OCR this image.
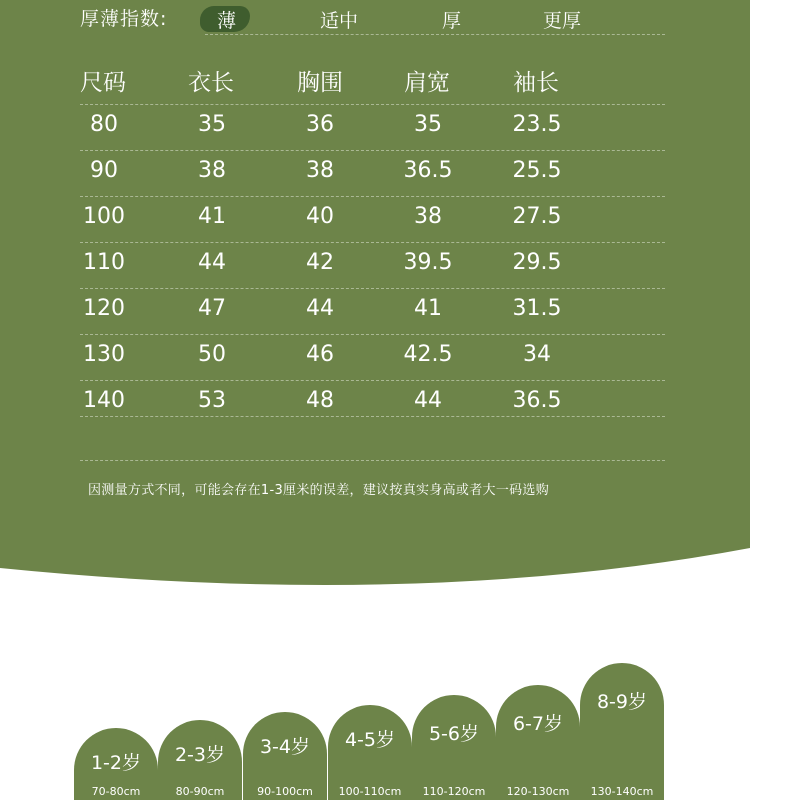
厚薄指数:	薄	适中	厚	更厚
尺码	衣长	胸围	肩宽	袖长
80	35	36	35	23.5
90	38	38	36.5	25.5
100	41	40	38	27.5
110	44	42	39.5	29.5
120	47	44	41	31.5
130	50	46	42.5	34
140	53	48	44	36.5
因测量方式不同，可能会存在1-3厘米的误差，建议按真实身高或者大一码选购
1-2岁
70-80cm
2-3岁
80-90cm
3-4岁
90-100cm
4-5岁
100-110cm
5-6岁
110-120cm
6-7岁
120-130cm
8-9岁
130-140cm
